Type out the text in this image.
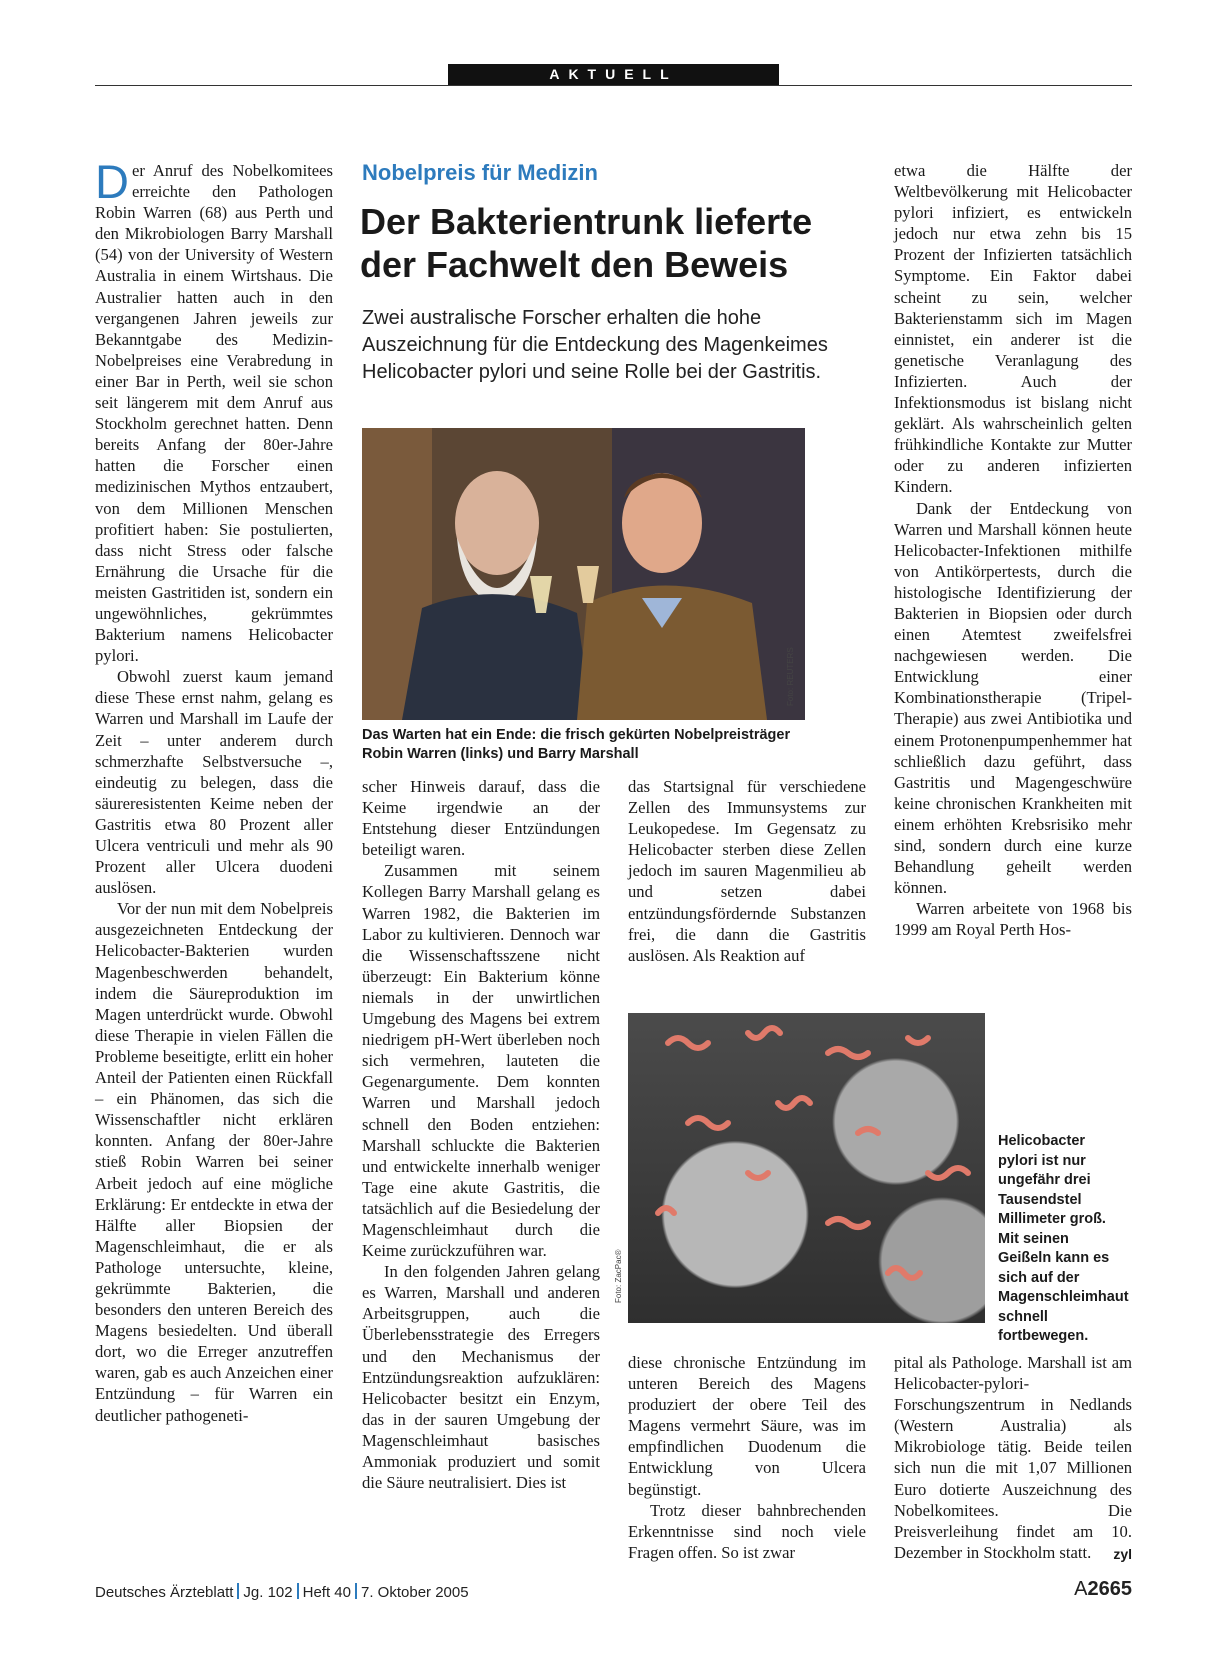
AKTUELL

Der Anruf des Nobelkomitees erreichte den Pathologen Robin Warren (68) aus Perth und den Mikrobiologen Barry Marshall (54) von der University of Western Australia in einem Wirtshaus. Die Australier hatten auch in den vergangenen Jahren jeweils zur Bekanntgabe des Medizin-Nobelpreises eine Verabredung in einer Bar in Perth, weil sie schon seit längerem mit dem Anruf aus Stockholm gerechnet hatten. Denn bereits Anfang der 80er-Jahre hatten die Forscher einen medizinischen Mythos entzaubert, von dem Millionen Menschen profitiert haben: Sie postulierten, dass nicht Stress oder falsche Ernährung die Ursache für die meisten Gastritiden ist, sondern ein ungewöhnliches, gekrümmtes Bakterium namens Helicobacter pylori.

Obwohl zuerst kaum jemand diese These ernst nahm, gelang es Warren und Marshall im Laufe der Zeit – unter anderem durch schmerzhafte Selbstversuche –, eindeutig zu belegen, dass die säureresistenten Keime neben der Gastritis etwa 80 Prozent aller Ulcera ventriculi und mehr als 90 Prozent aller Ulcera duodeni auslösen.

Vor der nun mit dem Nobelpreis ausgezeichneten Entdeckung der Helicobacter-Bakterien wurden Magenbeschwerden behandelt, indem die Säureproduktion im Magen unterdrückt wurde. Obwohl diese Therapie in vielen Fällen die Probleme beseitigte, erlitt ein hoher Anteil der Patienten einen Rückfall – ein Phänomen, das sich die Wissenschaftler nicht erklären konnten. Anfang der 80er-Jahre stieß Robin Warren bei seiner Arbeit jedoch auf eine mögliche Erklärung: Er entdeckte in etwa der Hälfte aller Biopsien der Magenschleimhaut, die er als Pathologe untersuchte, kleine, gekrümmte Bakterien, die besonders den unteren Bereich des Magens besiedelten. Und überall dort, wo die Erreger anzutreffen waren, gab es auch Anzeichen einer Entzündung – für Warren ein deutlicher pathogeneti-

Nobelpreis für Medizin
Der Bakterientrunk lieferte
der Fachwelt den Beweis
Zwei australische Forscher erhalten die hohe Auszeichnung für die Entdeckung des Magenkeimes Helicobacter pylori und seine Rolle bei der Gastritis.
Foto: REUTERS
Das Warten hat ein Ende: die frisch gekürten Nobelpreisträger Robin Warren (links) und Barry Marshall

scher Hinweis darauf, dass die Keime irgendwie an der Entstehung dieser Entzündungen beteiligt waren.

Zusammen mit seinem Kollegen Barry Marshall gelang es Warren 1982, die Bakterien im Labor zu kultivieren. Dennoch war die Wissenschaftsszene nicht überzeugt: Ein Bakterium könne niemals in der unwirtlichen Umgebung des Magens bei extrem niedrigem pH-Wert überleben noch sich vermehren, lauteten die Gegenargumente. Dem konnten Warren und Marshall jedoch schnell den Boden entziehen: Marshall schluckte die Bakterien und entwickelte innerhalb weniger Tage eine akute Gastritis, die tatsächlich auf die Besiedelung der Magenschleimhaut durch die Keime zurückzuführen war.

In den folgenden Jahren gelang es Warren, Marshall und anderen Arbeitsgruppen, auch die Überlebensstrategie des Erregers und den Mechanismus der Entzündungsreaktion aufzuklären: Helicobacter besitzt ein Enzym, das in der sauren Umgebung der Magenschleimhaut basisches Ammoniak produziert und somit die Säure neutralisiert. Dies ist

das Startsignal für verschiedene Zellen des Immunsystems zur Leukopedese. Im Gegensatz zu Helicobacter sterben diese Zellen jedoch im sauren Magenmilieu ab und setzen dabei entzündungsfördernde Substanzen frei, die dann die Gastritis auslösen. Als Reaktion auf

Foto: ZacPac®
Helicobacter pylori ist nur ungefähr drei Tausendstel Millimeter groß. Mit seinen Geißeln kann es sich auf der Magenschleimhaut schnell fortbewegen.

diese chronische Entzündung im unteren Bereich des Magens produziert der obere Teil des Magens vermehrt Säure, was im empfindlichen Duodenum die Entwicklung von Ulcera begünstigt.

Trotz dieser bahnbrechenden Erkenntnisse sind noch viele Fragen offen. So ist zwar

etwa die Hälfte der Weltbevölkerung mit Helicobacter pylori infiziert, es entwickeln jedoch nur etwa zehn bis 15 Prozent der Infizierten tatsächlich Symptome. Ein Faktor dabei scheint zu sein, welcher Bakterienstamm sich im Magen einnistet, ein anderer ist die genetische Veranlagung des Infizierten. Auch der Infektionsmodus ist bislang nicht geklärt. Als wahrscheinlich gelten frühkindliche Kontakte zur Mutter oder zu anderen infizierten Kindern.

Dank der Entdeckung von Warren und Marshall können heute Helicobacter-Infektionen mithilfe von Antikörpertests, durch die histologische Identifizierung der Bakterien in Biopsien oder durch einen Atemtest zweifelsfrei nachgewiesen werden. Die Entwicklung einer Kombinationstherapie (Tripel-Therapie) aus zwei Antibiotika und einem Protonenpumpenhemmer hat schließlich dazu geführt, dass Gastritis und Magengeschwüre keine chronischen Krankheiten mit einem erhöhten Krebsrisiko mehr sind, sondern durch eine kurze Behandlung geheilt werden können.

Warren arbeitete von 1968 bis 1999 am Royal Perth Hos-

pital als Pathologe. Marshall ist am Helicobacter-pylori-Forschungszentrum in Nedlands (Western Australia) als Mikrobiologe tätig. Beide teilen sich nun die mit 1,07 Millionen Euro dotierte Auszeichnung des Nobelkomitees. Die Preisverleihung findet am 10. Dezember in Stockholm statt. zyl

Deutsches Ärzteblatt Jg. 102 Heft 40 7. Oktober 2005	A2665
